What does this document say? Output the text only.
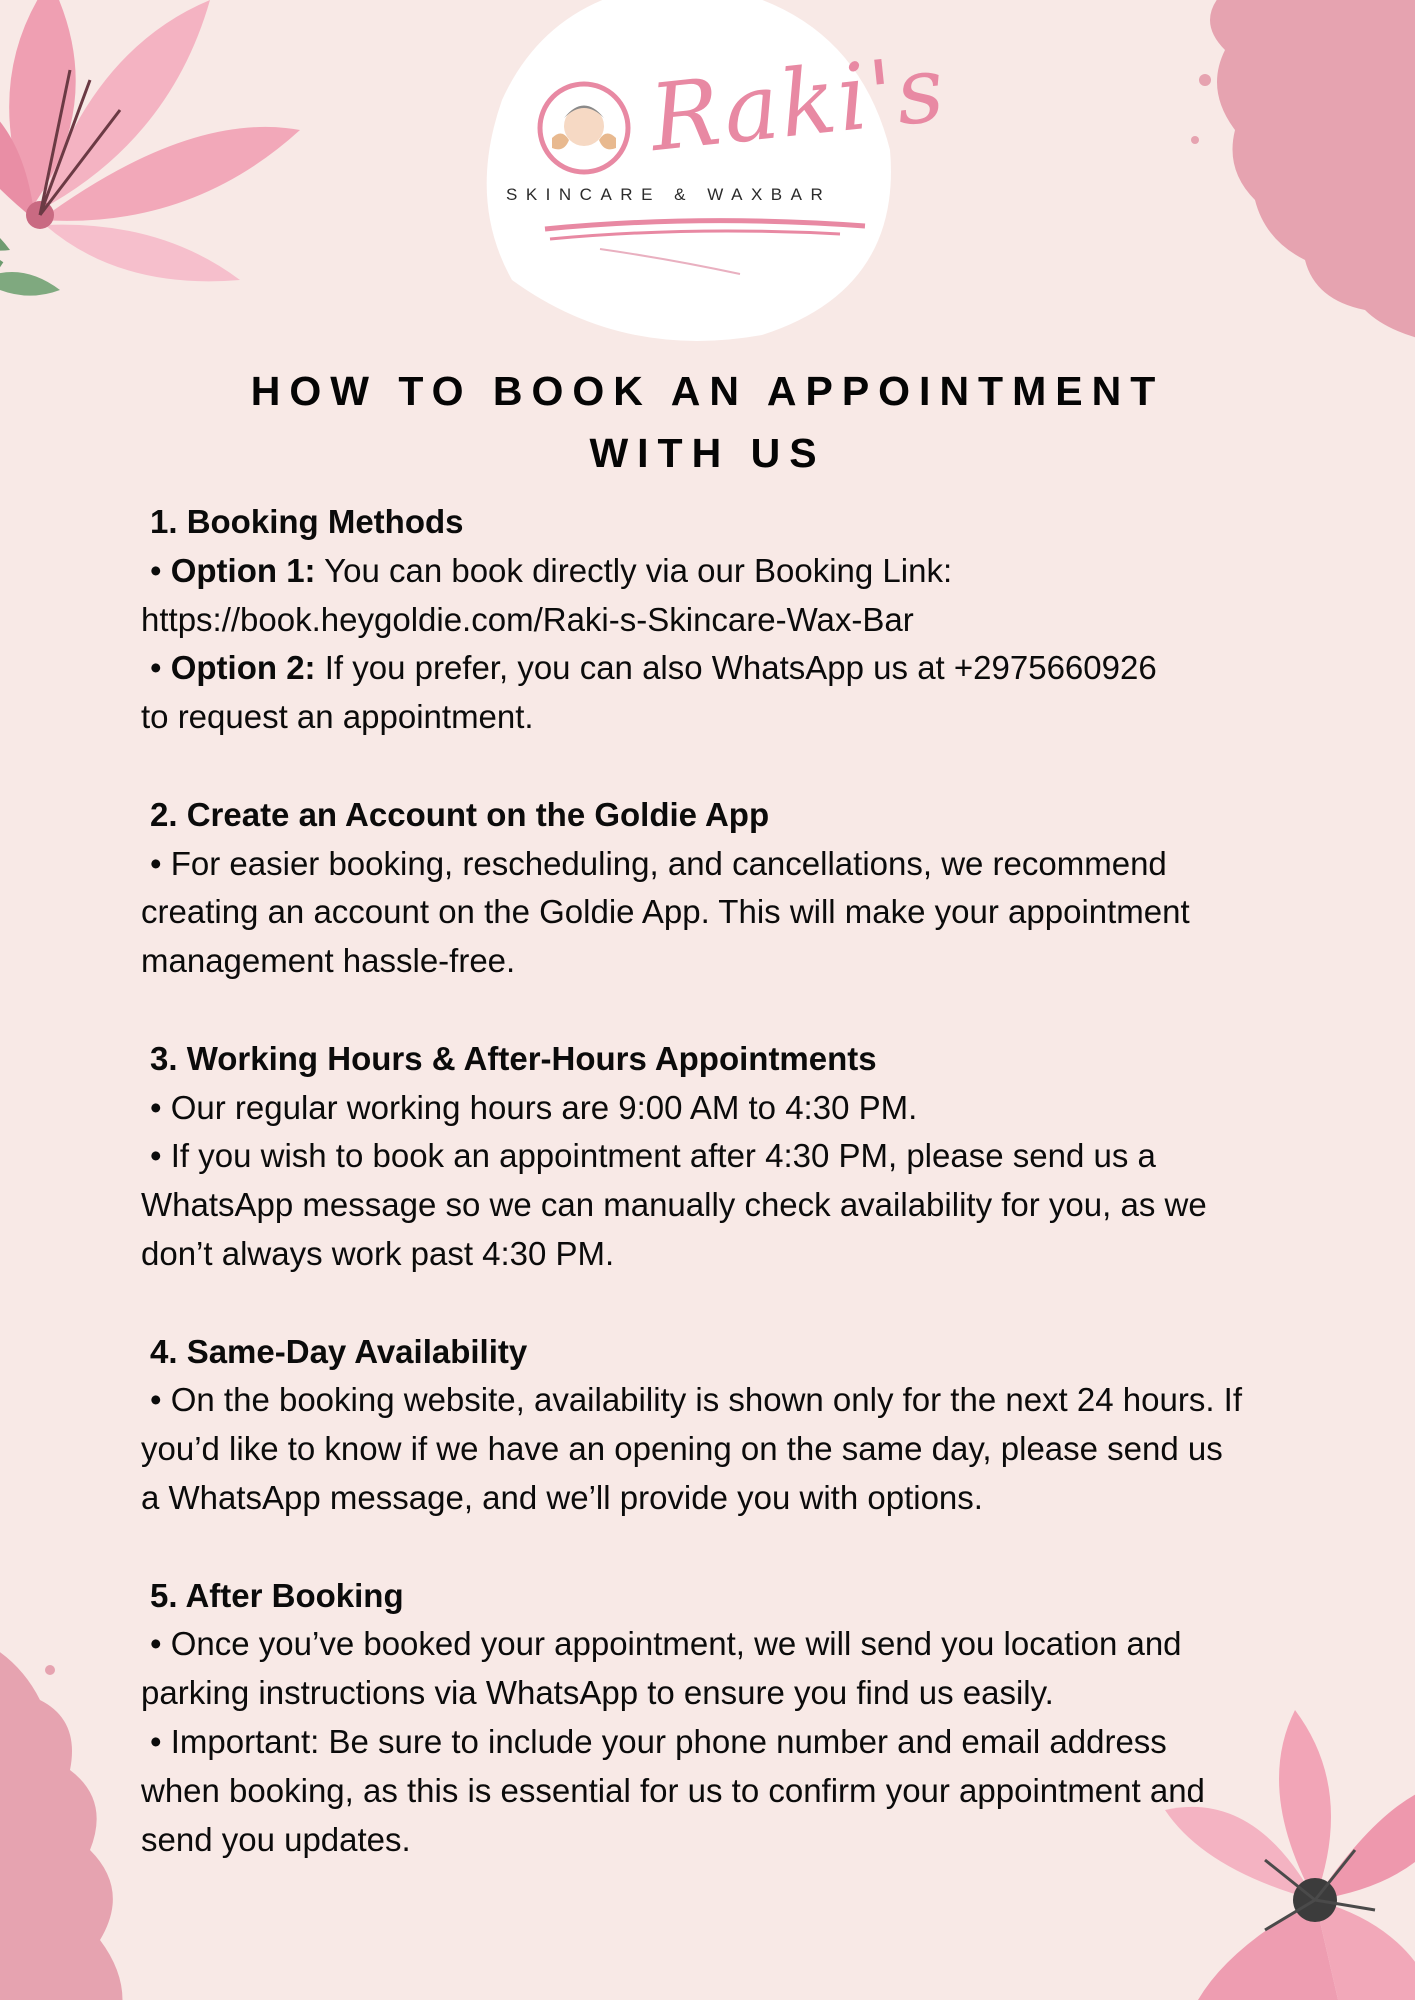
Raki's
SKINCARE & WAXBAR
HOW TO BOOK AN APPOINTMENT
WITH US
1. Booking Methods
• Option 1: You can book directly via our Booking Link:
https://book.heygoldie.com/Raki-s-Skincare-Wax-Bar
• Option 2: If you prefer, you can also WhatsApp us at +2975660926
to request an appointment.
2. Create an Account on the Goldie App
• For easier booking, rescheduling, and cancellations, we recommend
creating an account on the Goldie App. This will make your appointment
management hassle-free.
3. Working Hours & After-Hours Appointments
• Our regular working hours are 9:00 AM to 4:30 PM.
• If you wish to book an appointment after 4:30 PM, please send us a
WhatsApp message so we can manually check availability for you, as we
don’t always work past 4:30 PM.
4. Same-Day Availability
• On the booking website, availability is shown only for the next 24 hours. If
you’d like to know if we have an opening on the same day, please send us
a WhatsApp message, and we’ll provide you with options.
5. After Booking
• Once you’ve booked your appointment, we will send you location and
parking instructions via WhatsApp to ensure you find us easily.
• Important: Be sure to include your phone number and email address
when booking, as this is essential for us to confirm your appointment and
send you updates.
